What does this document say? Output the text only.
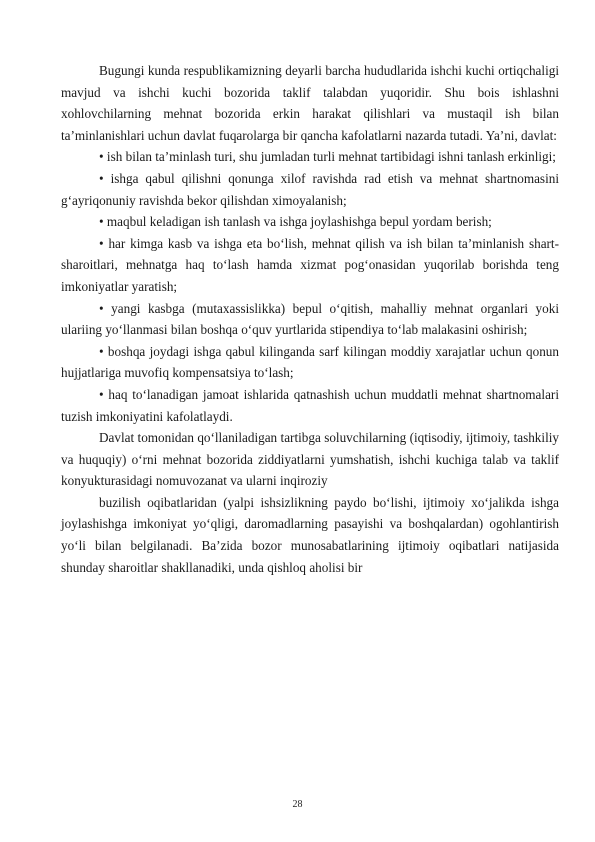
Bugungi kunda respublikamizning deyarli barcha hududlarida ishchi kuchi ortiqchaligi mavjud va ishchi kuchi bozorida taklif talabdan yuqoridir. Shu bois ishlashni xohlovchilarning mehnat bozorida erkin harakat qilishlari va mustaqil ish bilan ta’minlanishlari uchun davlat fuqarolarga bir qancha kafolatlarni nazarda tutadi. Ya’ni, davlat:

• ish bilan ta’minlash turi, shu jumladan turli mehnat tartibidagi ishni tanlash erkinligi;

• ishga qabul qilishni qonunga xilof ravishda rad etish va mehnat shartnomasini g‘ayriqonuniy ravishda bekor qilishdan ximoyalanish;

• maqbul keladigan ish tanlash va ishga joylashishga bepul yordam berish;

• har kimga kasb va ishga eta bo‘lish, mehnat qilish va ish bilan ta’minlanish shart-sharoitlari, mehnatga haq to‘lash hamda xizmat pog‘onasidan yuqorilab borishda teng imkoniyatlar yaratish;

• yangi kasbga (mutaxassislikka) bepul o‘qitish, mahalliy mehnat organlari yoki ulariing yo‘llanmasi bilan boshqa o‘quv yurtlarida stipendiya to‘lab malakasini oshirish;

• boshqa joydagi ishga qabul kilinganda sarf kilingan moddiy xarajatlar uchun qonun hujjatlariga muvofiq kompensatsiya to‘lash;

• haq to‘lanadigan jamoat ishlarida qatnashish uchun muddatli mehnat shartnomalari tuzish imkoniyatini kafolatlaydi.

Davlat tomonidan qo‘llaniladigan tartibga soluvchilarning (iqtisodiy, ijtimoiy, tashkiliy va huquqiy) o‘rni mehnat bozorida ziddiyatlarni yumshatish, ishchi kuchiga talab va taklif konyukturasidagi nomuvozanat va ularni inqiroziy

buzilish oqibatlaridan (yalpi ishsizlikning paydo bo‘lishi, ijtimoiy xo‘jalikda ishga joylashishga imkoniyat yo‘qligi, daromadlarning pasayishi va boshqalardan) ogohlantirish yo‘li bilan belgilanadi. Ba’zida bozor munosabatlarining ijtimoiy oqibatlari natijasida shunday sharoitlar shakllanadiki, unda qishloq aholisi bir

28
